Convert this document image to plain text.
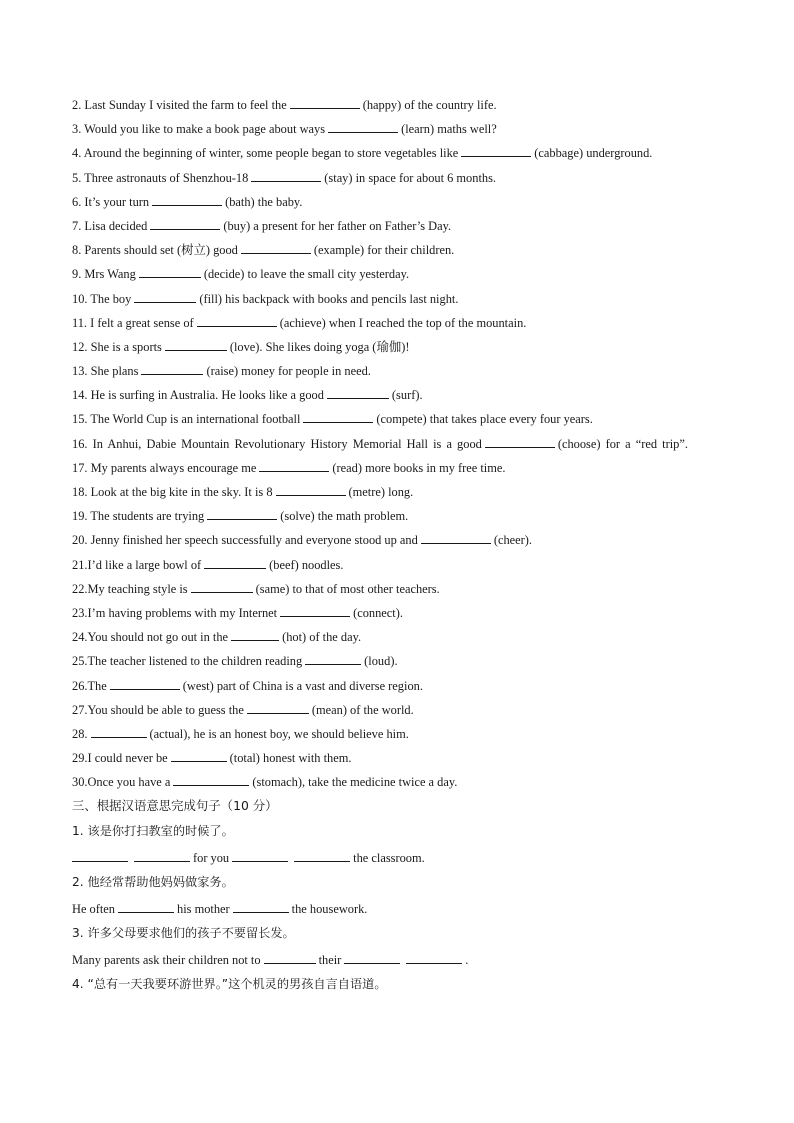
2. Last Sunday I visited the farm to feel the	(happy) of the country life.
3. Would you like to make a book page about ways	(learn) maths well?
4. Around the beginning of winter, some people began to store vegetables like	(cabbage) underground.
5. Three astronauts of Shenzhou-18	(stay) in space for about 6 months.
6. It’s your turn	(bath) the baby.
7. Lisa decided	(buy) a present for her father on Father’s Day.
8. Parents should set (树立) good	(example) for their children.
9. Mrs Wang	(decide) to leave the small city yesterday.
10. The boy	(fill) his backpack with books and pencils last night.
11. I felt a great sense of	(achieve) when I reached the top of the mountain.
12. She is a sports	(love). She likes doing yoga (瑜伽)!
13. She plans	(raise) money for people in need.
14. He is surfing in Australia. He looks like a good	(surf).
15. The World Cup is an international football	(compete) that takes place every four years.
16. In Anhui, Dabie Mountain Revolutionary History Memorial Hall is a good	(choose) for a “red trip”.
17. My parents always encourage me	(read) more books in my free time.
18. Look at the big kite in the sky. It is 8	(metre) long.
19. The students are trying	(solve) the math problem.
20. Jenny finished her speech successfully and everyone stood up and	(cheer).
21.I’d like a large bowl of	(beef) noodles.
22.My teaching style is	(same) to that of most other teachers.
23.I’m having problems with my Internet	(connect).
24.You should not go out in the	(hot) of the day.
25.The teacher listened to the children reading	(loud).
26.The	(west) part of China is a vast and diverse region.
27.You should be able to guess the	(mean) of the world.
28.	(actual), he is an honest boy, we should believe him.
29.I could never be	(total) honest with them.
30.Once you have a	(stomach), take the medicine twice a day.
三、根据汉语意思完成句子（10 分）
1. 该是你打扫教室的时候了。
for you	the classroom.
2. 他经常帮助他妈妈做家务。
He often	his mother	the housework.
3. 许多父母要求他们的孩子不要留长发。
Many parents ask their children not to	their	.
4. “总有一天我要环游世界。”这个机灵的男孩自言自语道。
